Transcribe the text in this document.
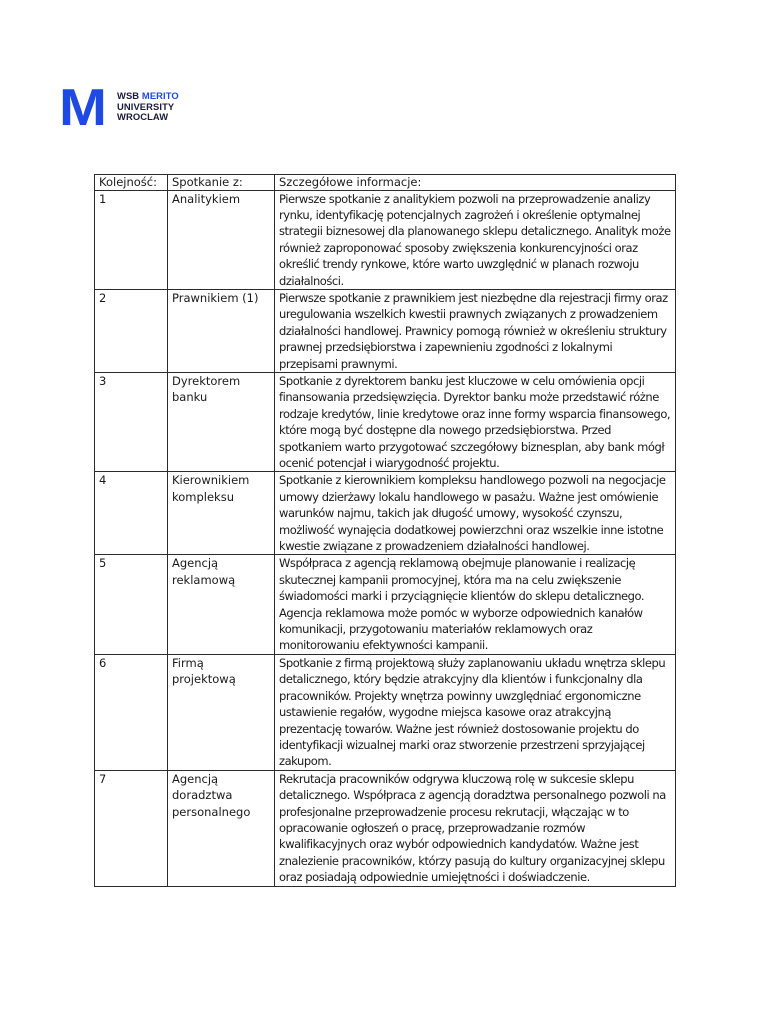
M WSB MERITO
UNIVERSITY
WROCLAW
Kolejność:	Spotkanie z:	Szczegółowe informacje:
1	Analitykiem	Pierwsze spotkanie z analitykiem pozwoli na przeprowadzenie analizy rynku, identyfikację potencjalnych zagrożeń i określenie optymalnej strategii biznesowej dla planowanego sklepu detalicznego. Analityk może również zaproponować sposoby zwiększenia konkurencyjności oraz określić trendy rynkowe, które warto uwzględnić w planach rozwoju działalności.
2	Prawnikiem (1)	Pierwsze spotkanie z prawnikiem jest niezbędne dla rejestracji firmy oraz uregulowania wszelkich kwestii prawnych związanych z prowadzeniem działalności handlowej. Prawnicy pomogą również w określeniu struktury prawnej przedsiębiorstwa i zapewnieniu zgodności z lokalnymi przepisami prawnymi.
3	Dyrektorem banku	Spotkanie z dyrektorem banku jest kluczowe w celu omówienia opcji finansowania przedsięwzięcia. Dyrektor banku może przedstawić różne rodzaje kredytów, linie kredytowe oraz inne formy wsparcia finansowego, które mogą być dostępne dla nowego przedsiębiorstwa. Przed spotkaniem warto przygotować szczegółowy biznesplan, aby bank mógł ocenić potencjał i wiarygodność projektu.
4	Kierownikiem kompleksu	Spotkanie z kierownikiem kompleksu handlowego pozwoli na negocjacje umowy dzierżawy lokalu handlowego w pasażu. Ważne jest omówienie warunków najmu, takich jak długość umowy, wysokość czynszu, możliwość wynajęcia dodatkowej powierzchni oraz wszelkie inne istotne kwestie związane z prowadzeniem działalności handlowej.
5	Agencją reklamową	Współpraca z agencją reklamową obejmuje planowanie i realizację skutecznej kampanii promocyjnej, która ma na celu zwiększenie świadomości marki i przyciągnięcie klientów do sklepu detalicznego. Agencja reklamowa może pomóc w wyborze odpowiednich kanałów komunikacji, przygotowaniu materiałów reklamowych oraz monitorowaniu efektywności kampanii.
6	Firmą projektową	Spotkanie z firmą projektową służy zaplanowaniu układu wnętrza sklepu detalicznego, który będzie atrakcyjny dla klientów i funkcjonalny dla pracowników. Projekty wnętrza powinny uwzględniać ergonomiczne ustawienie regałów, wygodne miejsca kasowe oraz atrakcyjną prezentację towarów. Ważne jest również dostosowanie projektu do identyfikacji wizualnej marki oraz stworzenie przestrzeni sprzyjającej zakupom.
7	Agencją doradztwa personalnego	Rekrutacja pracowników odgrywa kluczową rolę w sukcesie sklepu detalicznego. Współpraca z agencją doradztwa personalnego pozwoli na profesjonalne przeprowadzenie procesu rekrutacji, włączając w to opracowanie ogłoszeń o pracę, przeprowadzanie rozmów kwalifikacyjnych oraz wybór odpowiednich kandydatów. Ważne jest znalezienie pracowników, którzy pasują do kultury organizacyjnej sklepu oraz posiadają odpowiednie umiejętności i doświadczenie.
